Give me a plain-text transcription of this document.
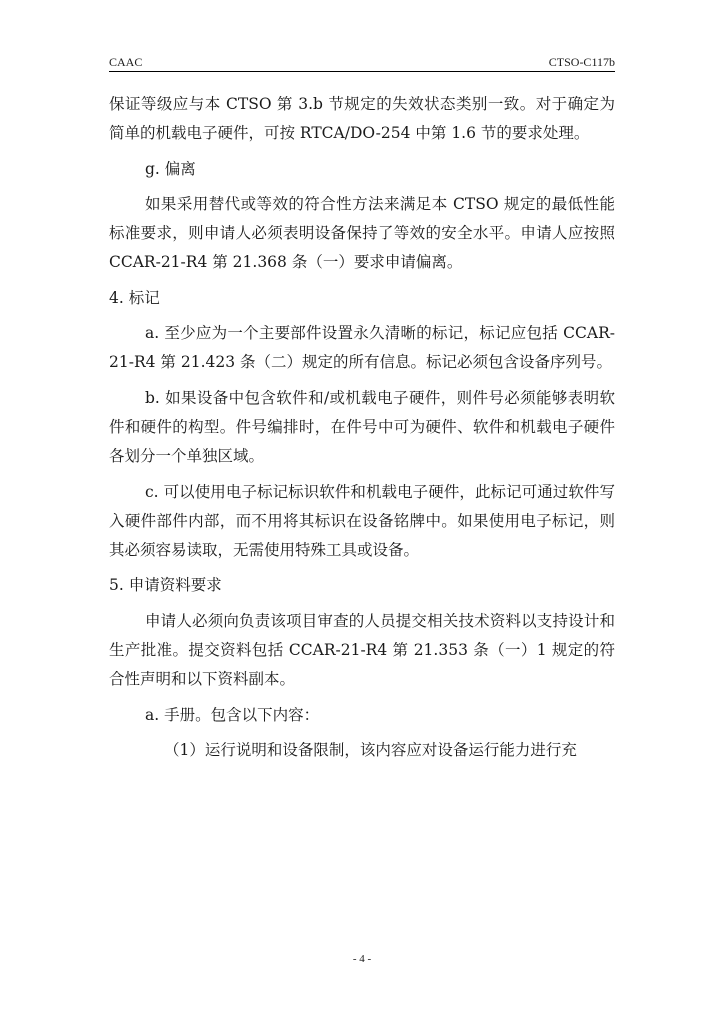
CAAC	CTSO-C117b

保证等级应与本 CTSO 第 3.b 节规定的失效状态类别一致。对于确定为简单的机载电子硬件，可按 RTCA/DO-254 中第 1.6 节的要求处理。

g. 偏离

如果采用替代或等效的符合性方法来满足本 CTSO 规定的最低性能标准要求，则申请人必须表明设备保持了等效的安全水平。申请人应按照 CCAR-21-R4 第 21.368 条（一）要求申请偏离。

4. 标记

a. 至少应为一个主要部件设置永久清晰的标记，标记应包括 CCAR-21-R4 第 21.423 条（二）规定的所有信息。标记必须包含设备序列号。

b. 如果设备中包含软件和/或机载电子硬件，则件号必须能够表明软件和硬件的构型。件号编排时，在件号中可为硬件、软件和机载电子硬件各划分一个单独区域。

c. 可以使用电子标记标识软件和机载电子硬件，此标记可通过软件写入硬件部件内部，而不用将其标识在设备铭牌中。如果使用电子标记，则其必须容易读取，无需使用特殊工具或设备。

5. 申请资料要求

申请人必须向负责该项目审查的人员提交相关技术资料以支持设计和生产批准。提交资料包括 CCAR-21-R4 第 21.353 条（一）1 规定的符合性声明和以下资料副本。

a. 手册。包含以下内容：

（1）运行说明和设备限制，该内容应对设备运行能力进行充

- 4 -
